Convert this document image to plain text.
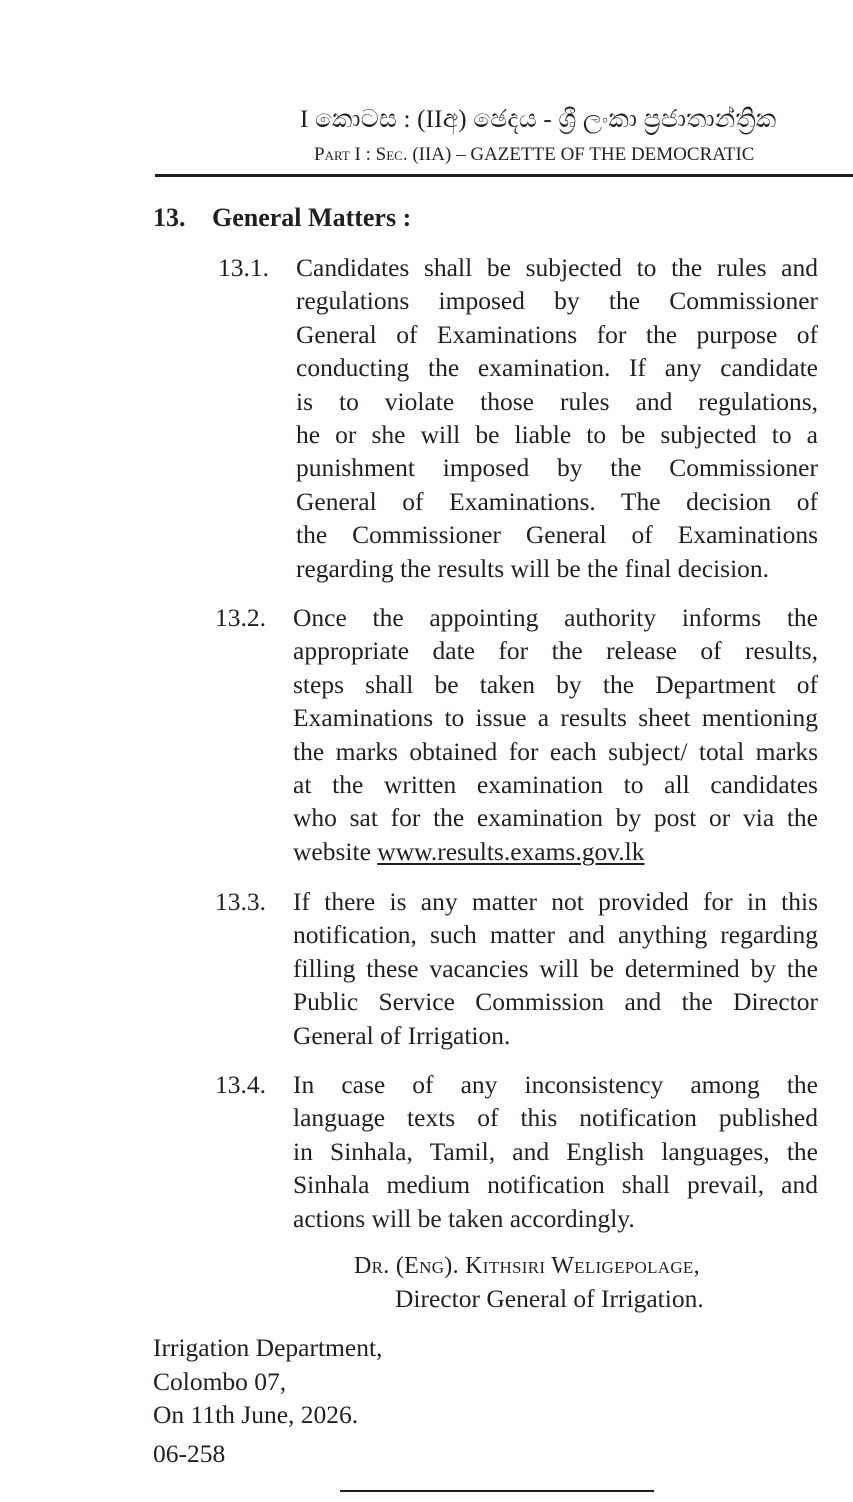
I කොටස : (IIඅ) ඡෙදය - ශ්‍රී ලංකා ප්‍රජාතාන්ත්‍රික
Part I : Sec. (IIA) – GAZETTE OF THE DEMOCRATIC
13. General Matters :
13.1. Candidates shall be subjected to the rules and
regulations imposed by the Commissioner
General of Examinations for the purpose of
conducting the examination. If any candidate
is to violate those rules and regulations,
he or she will be liable to be subjected to a
punishment imposed by the Commissioner
General of Examinations. The decision of
the Commissioner General of Examinations
regarding the results will be the final decision.
13.2. Once the appointing authority informs the
appropriate date for the release of results,
steps shall be taken by the Department of
Examinations to issue a results sheet mentioning
the marks obtained for each subject/ total marks
at the written examination to all candidates
who sat for the examination by post or via the
website www.results.exams.gov.lk
13.3. If there is any matter not provided for in this
notification, such matter and anything regarding
filling these vacancies will be determined by the
Public Service Commission and the Director
General of Irrigation.
13.4. In case of any inconsistency among the
language texts of this notification published
in Sinhala, Tamil, and English languages, the
Sinhala medium notification shall prevail, and
actions will be taken accordingly.
Dr. (Eng). Kithsiri Weligepolage,
Director General of Irrigation.
Irrigation Department,
Colombo 07,
On 11th June, 2026.
06-258
